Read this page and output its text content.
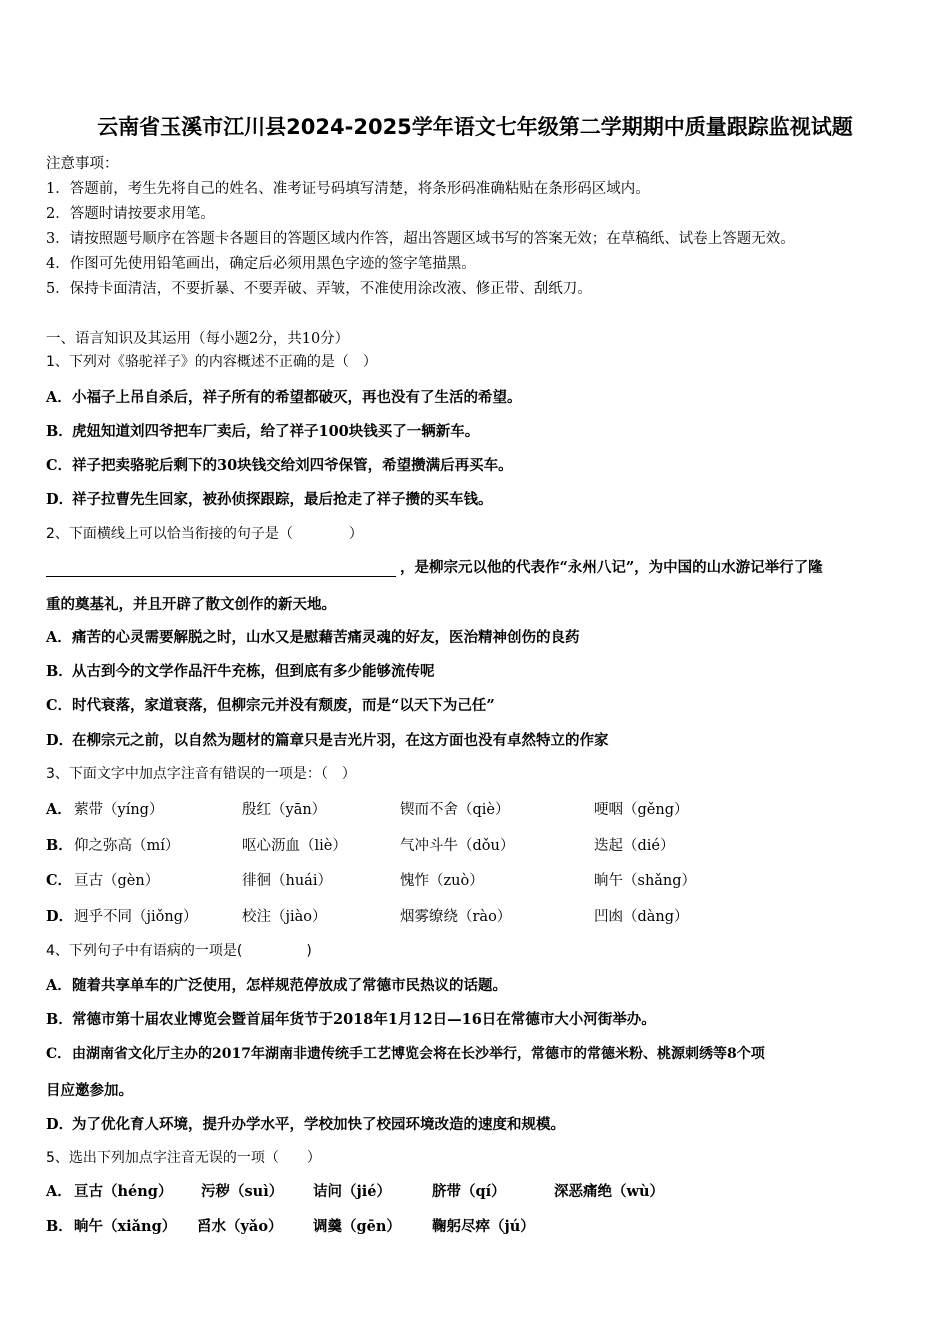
云南省玉溪市江川县2024-2025学年语文七年级第二学期期中质量跟踪监视试题
注意事项：
1．答题前，考生先将自己的姓名、准考证号码填写清楚，将条形码准确粘贴在条形码区域内。
2．答题时请按要求用笔。
3．请按照题号顺序在答题卡各题目的答题区域内作答，超出答题区域书写的答案无效；在草稿纸、试卷上答题无效。
4．作图可先使用铅笔画出，确定后必须用黑色字迹的签字笔描黑。
5．保持卡面清洁，不要折暴、不要弄破、弄皱，不准使用涂改液、修正带、刮纸刀。
一、语言知识及其运用（每小题2分，共10分）
1、下列对《骆驼祥子》的内容概述不正确的是（　）
A．小福子上吊自杀后，祥子所有的希望都破灭，再也没有了生活的希望。
B．虎妞知道刘四爷把车厂卖后，给了祥子100块钱买了一辆新车。
C．祥子把卖骆驼后剩下的30块钱交给刘四爷保管，希望攒满后再买车。
D．祥子拉曹先生回家，被孙侦探跟踪，最后抢走了祥子攒的买车钱。
2、下面横线上可以恰当衔接的句子是（	）
，是柳宗元以他的代表作“永州八记”，为中国的山水游记举行了隆
重的奠基礼，并且开辟了散文创作的新天地。
A．痛苦的心灵需要解脱之时，山水又是慰藉苦痛灵魂的好友，医治精神创伤的良药
B．从古到今的文学作品汗牛充栋，但到底有多少能够流传呢
C．时代衰落，家道衰落，但柳宗元并没有颓废，而是“以天下为己任”
D．在柳宗元之前，以自然为题材的篇章只是吉光片羽，在这方面也没有卓然特立的作家
3、下面文字中加点字注音有错误的一项是：（　）
A． 萦带（yíng）	殷红（yān）	锲而不舍（qiè）	哽咽（gěng）
B． 仰之弥高（mí）	呕心沥血（liè）	气冲斗牛（dǒu）	迭起（dié）
C． 亘古（gèn）	徘徊（huái）	愧怍（zuò）	晌午（shǎng）
D． 迥乎不同（jiǒng）	校注（jiào）	烟雾缭绕（rào）	凹凼（dàng）
4、下列句子中有语病的一项是(	)
A．随着共享单车的广泛使用，怎样规范停放成了常德市民热议的话题。
B．常德市第十届农业博览会暨首届年货节于2018年1月12日—16日在常德市大小河街举办。
C．由湖南省文化厅主办的2017年湖南非遗传统手工艺博览会将在长沙举行，常德市的常德米粉、桃源刺绣等8个项
目应邀参加。
D．为了优化育人环境，提升办学水平，学校加快了校园环境改造的速度和规模。
5、选出下列加点字注音无误的一项（　　）
A． 亘古（héng） 污秽（suì） 诘问（jié）	脐带（qí）	深恶痛绝（wù）
B． 晌午（xiǎng） 舀水（yǎo） 调羹（gēn） 鞠躬尽瘁（jú）
